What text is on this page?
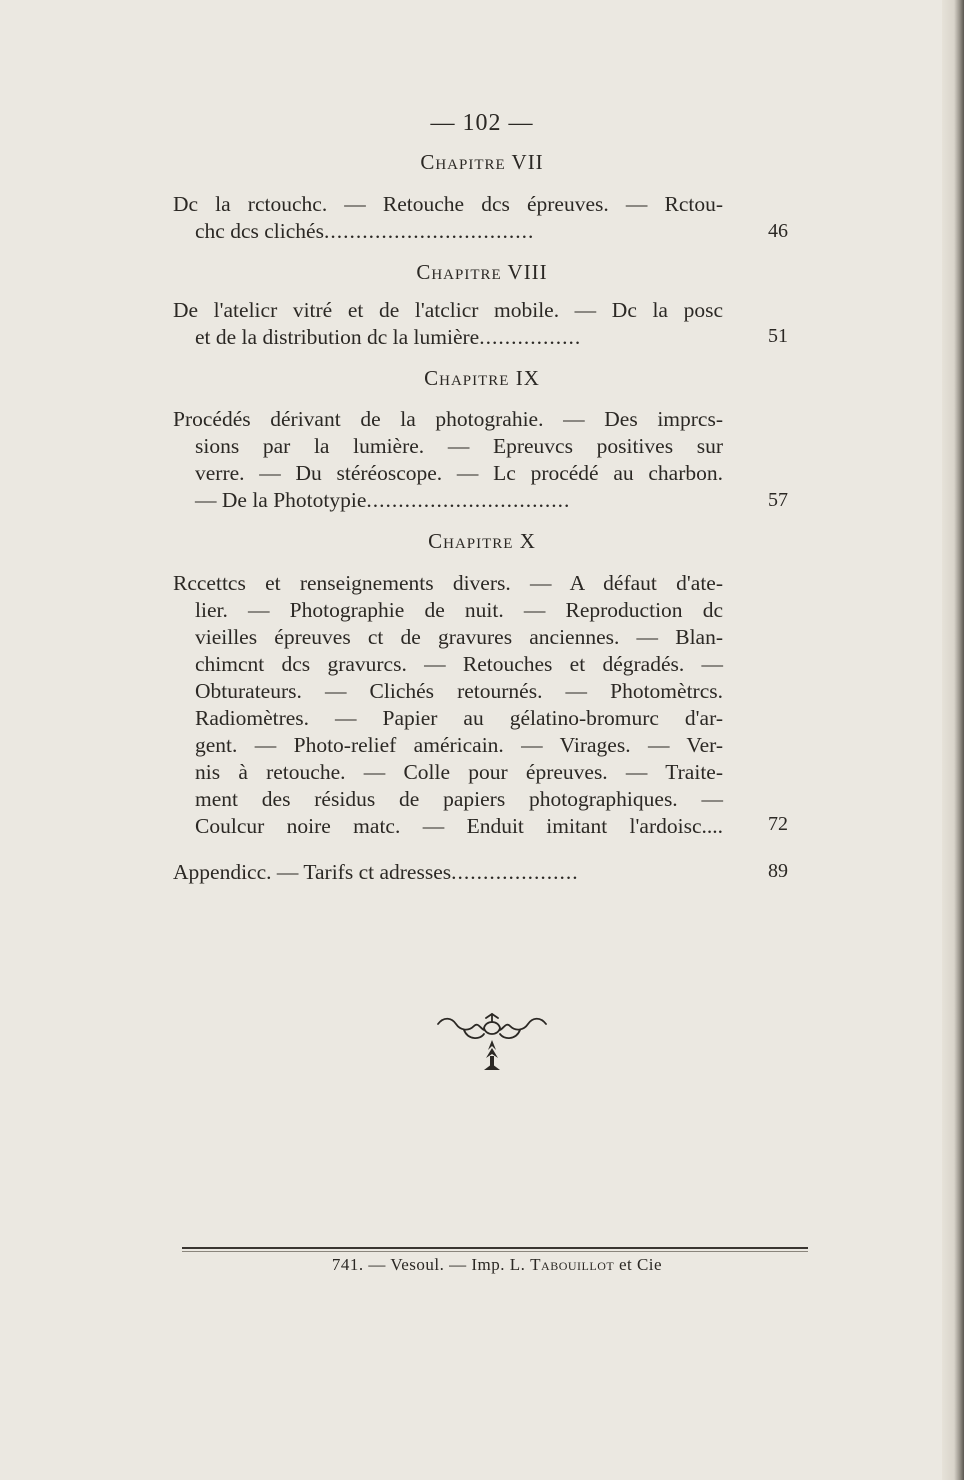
— 102 —
Chapitre VII
Dc la rctouchc. — Retouche dcs épreuves. — Rctou-
chc dcs clichés.................................	46
Chapitre VIII
De l'atelicr vitré et de l'atclicr mobile. — Dc la posc
et de la distribution dc la lumière................	51
Chapitre IX
Procédés dérivant de la photograhie. — Des imprcs-
sions par la lumière. — Epreuvcs positives sur
verre. — Du stéréoscope. — Lc procédé au charbon.
— De la Phototypie................................	57
Chapitre X
Rccettcs et renseignements divers. — A défaut d'ate-
lier. — Photographie de nuit. — Reproduction dc
vieilles épreuves ct de gravures anciennes. — Blan-
chimcnt dcs gravurcs. — Retouches et dégradés. —
Obturateurs. — Clichés retournés. — Photomètrcs.
Radiomètres. — Papier au gélatino-bromurc d'ar-
gent. — Photo-relief américain. — Virages. — Ver-
nis à retouche. — Colle pour épreuves. — Traite-
ment des résidus de papiers photographiques. —
Coulcur noire matc. — Enduit imitant l'ardoisc....	72
Appendicc. — Tarifs ct adresses....................	89
741. — Vesoul. — Imp. L. Tabouillot et Cie
